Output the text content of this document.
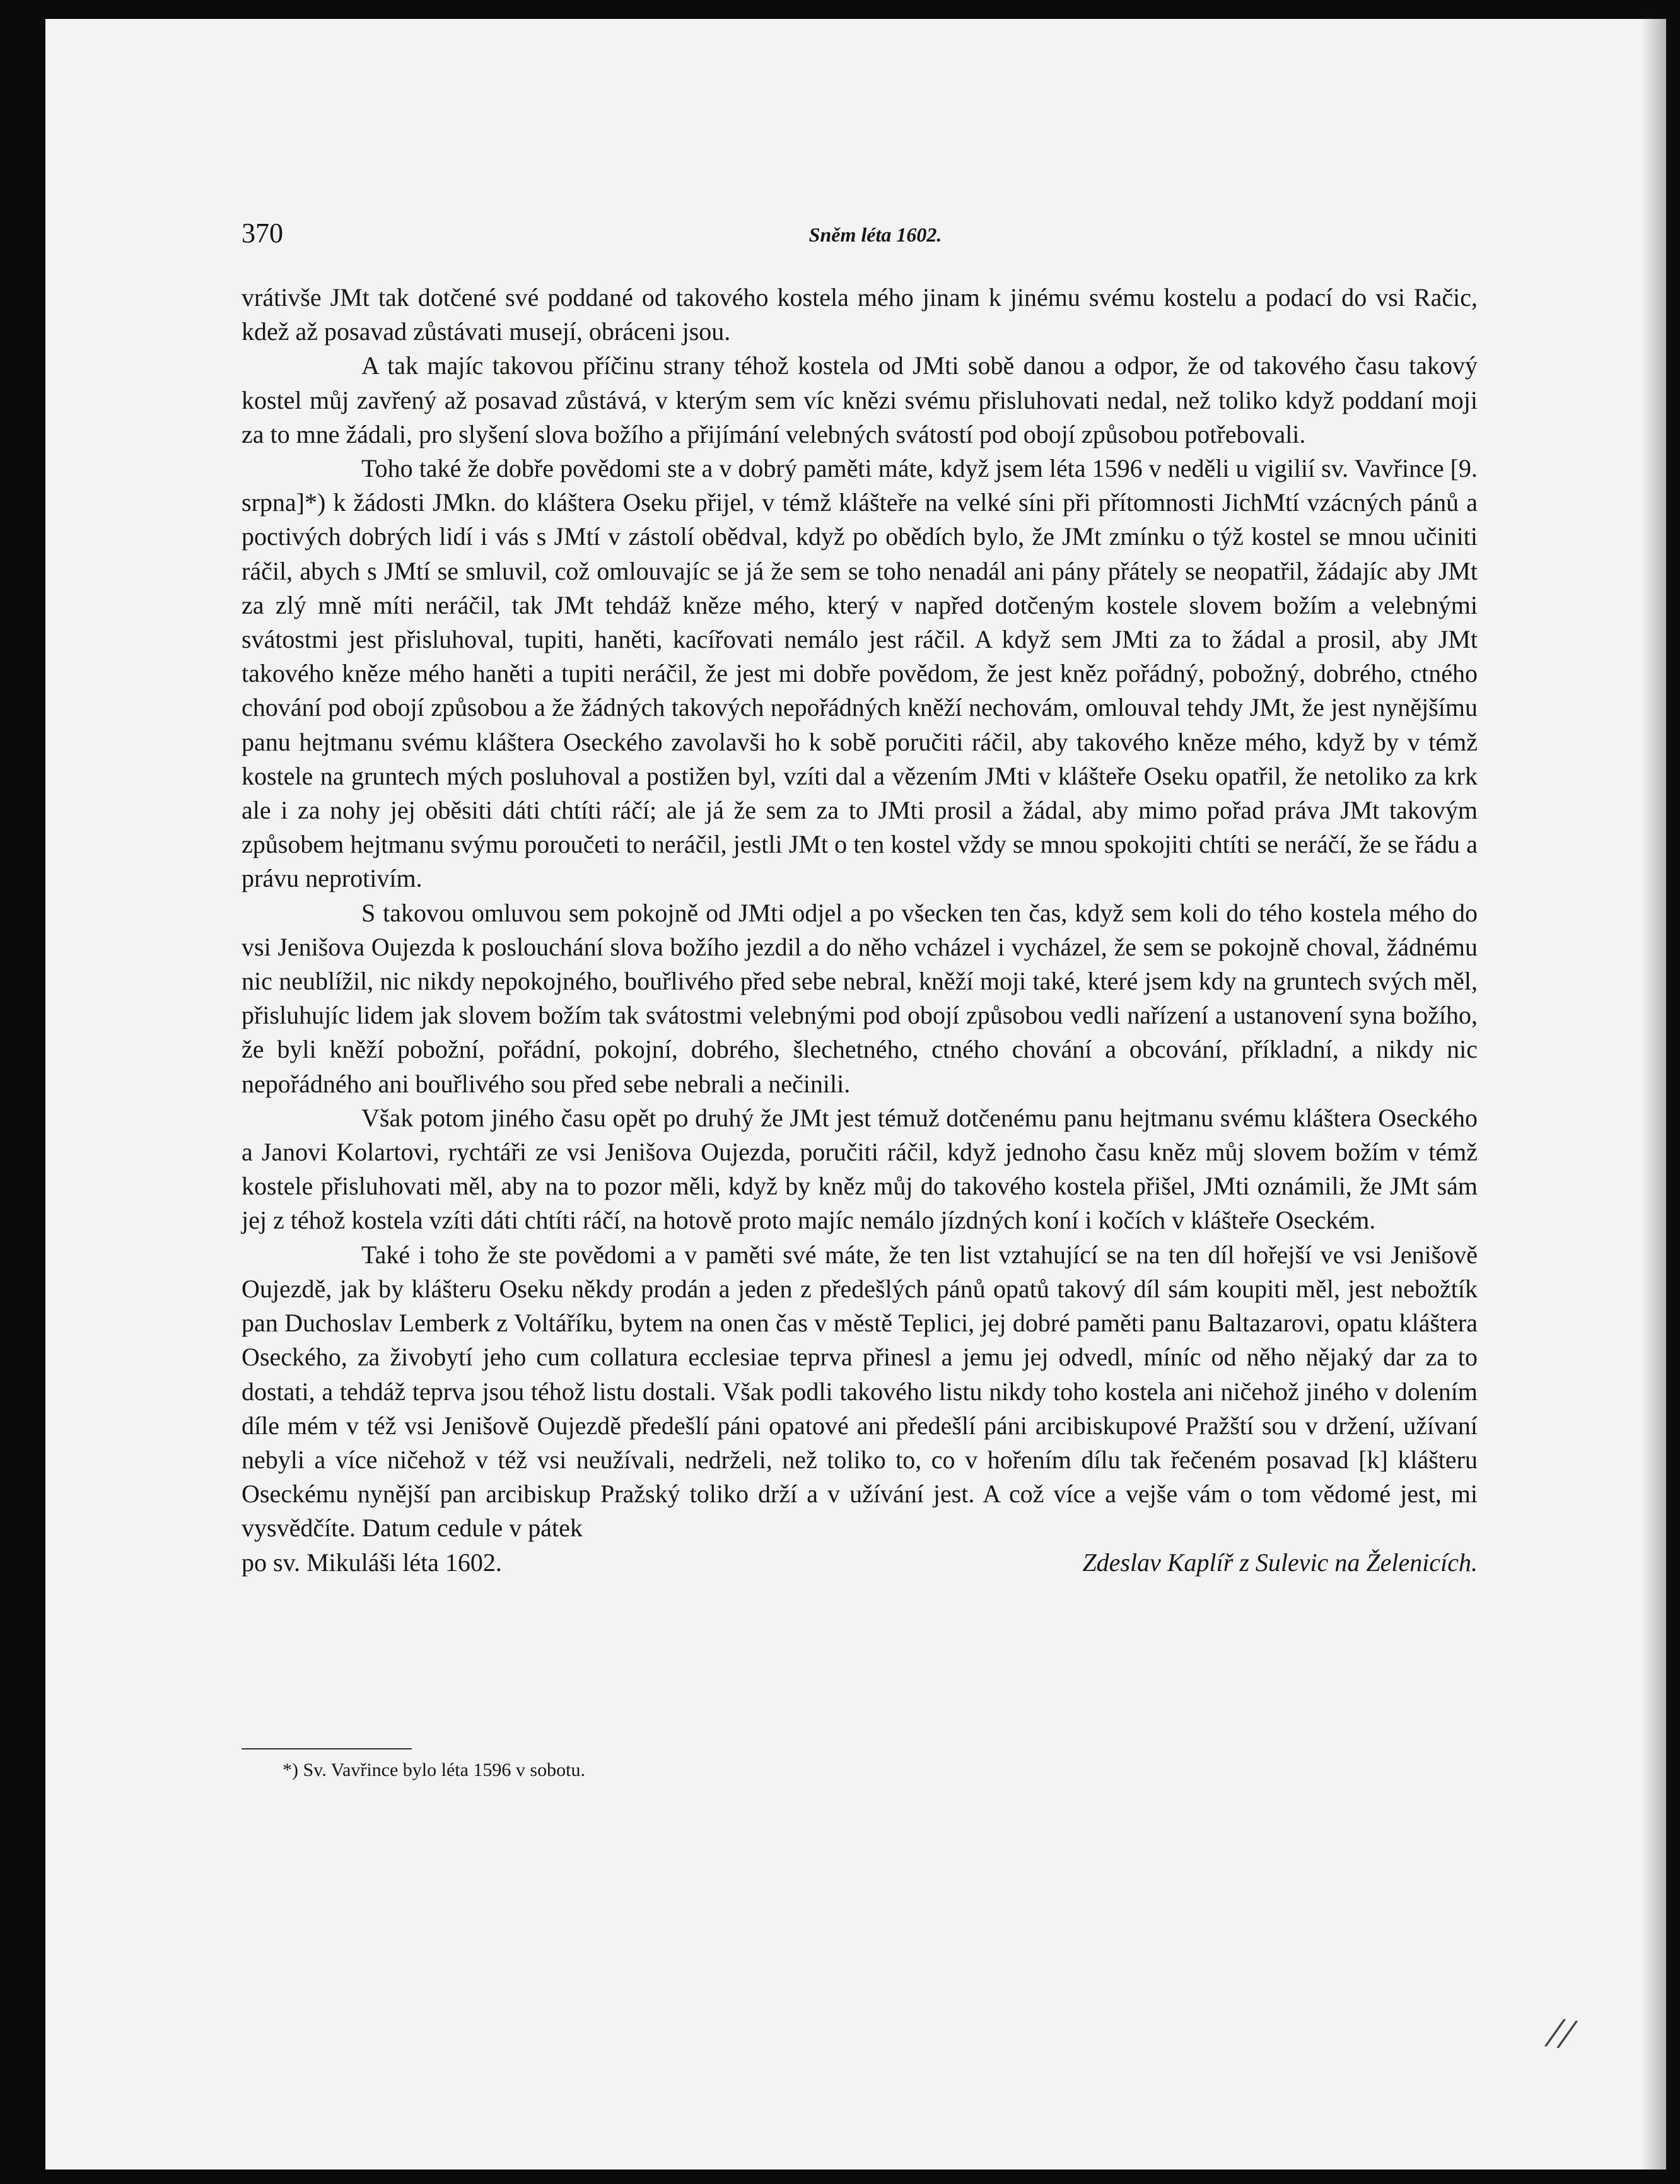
370	Sněm léta 1602.

vrátivše JMt tak dotčené své poddané od takového kostela mého jinam k jinému svému kostelu a podací do vsi Račic, kdež až posavad zůstávati musejí, obráceni jsou.

A tak majíc takovou příčinu strany téhož kostela od JMti sobě danou a odpor, že od takového času takový kostel můj zavřený až posavad zůstává, v kterým sem víc knězi svému přisluhovati nedal, než toliko když poddaní moji za to mne žádali, pro slyšení slova božího a přijímání velebných svátostí pod obojí způsobou potřebovali.

Toho také že dobře povědomi ste a v dobrý paměti máte, když jsem léta 1596 v neděli u vigilií sv. Vavřince [9. srpna]*) k žádosti JMkn. do kláštera Oseku přijel, v témž klášteře na velké síni při přítomnosti JichMtí vzácných pánů a poctivých dobrých lidí i vás s JMtí v zástolí obědval, když po obědích bylo, že JMt zmínku o týž kostel se mnou učiniti ráčil, abych s JMtí se smluvil, což omlouvajíc se já že sem se toho nenadál ani pány přátely se neopatřil, žádajíc aby JMt za zlý mně míti neráčil, tak JMt tehdáž kněze mého, který v napřed dotčeným kostele slovem božím a velebnými svátostmi jest přisluhoval, tupiti, haněti, kacířovati nemálo jest ráčil. A když sem JMti za to žádal a prosil, aby JMt takového kněze mého haněti a tupiti neráčil, že jest mi dobře povědom, že jest kněz pořádný, pobožný, dobrého, ctného chování pod obojí způsobou a že žádných takových nepořádných kněží nechovám, omlouval tehdy JMt, že jest nynějšímu panu hejtmanu svému kláštera Oseckého zavolavši ho k sobě poručiti ráčil, aby takového kněze mého, když by v témž kostele na gruntech mých posluhoval a postižen byl, vzíti dal a vězením JMti v klášteře Oseku opatřil, že netoliko za krk ale i za nohy jej oběsiti dáti chtíti ráčí; ale já že sem za to JMti prosil a žádal, aby mimo pořad práva JMt takovým způsobem hejtmanu svýmu poroučeti to neráčil, jestli JMt o ten kostel vždy se mnou spokojiti chtíti se neráčí, že se řádu a právu neprotivím.

S takovou omluvou sem pokojně od JMti odjel a po všecken ten čas, když sem koli do tého kostela mého do vsi Jenišova Oujezda k poslouchání slova božího jezdil a do něho vcházel i vycházel, že sem se pokojně choval, žádnému nic neublížil, nic nikdy nepokojného, bouřlivého před sebe nebral, kněží moji také, které jsem kdy na gruntech svých měl, přisluhujíc lidem jak slovem božím tak svátostmi velebnými pod obojí způsobou vedli nařízení a ustanovení syna božího, že byli kněží pobožní, pořádní, pokojní, dobrého, šlechetného, ctného chování a obcování, příkladní, a nikdy nic nepořádného ani bouřlivého sou před sebe nebrali a nečinili.

Však potom jiného času opět po druhý že JMt jest témuž dotčenému panu hejtmanu svému kláštera Oseckého a Janovi Kolartovi, rychtáři ze vsi Jenišova Oujezda, poručiti ráčil, když jednoho času kněz můj slovem božím v témž kostele přisluhovati měl, aby na to pozor měli, když by kněz můj do takového kostela přišel, JMti oznámili, že JMt sám jej z téhož kostela vzíti dáti chtíti ráčí, na hotově proto majíc nemálo jízdných koní i kočích v klášteře Oseckém.

Také i toho že ste povědomi a v paměti své máte, že ten list vztahující se na ten díl hořejší ve vsi Jenišově Oujezdě, jak by klášteru Oseku někdy prodán a jeden z předešlých pánů opatů takový díl sám koupiti měl, jest nebožtík pan Duchoslav Lemberk z Voltáříku, bytem na onen čas v městě Teplici, jej dobré paměti panu Baltazarovi, opatu kláštera Oseckého, za živobytí jeho cum collatura ecclesiae teprva přinesl a jemu jej odvedl, míníc od něho nějaký dar za to dostati, a tehdáž teprva jsou téhož listu dostali. Však podli takového listu nikdy toho kostela ani ničehož jiného v dolením díle mém v též vsi Jenišově Oujezdě předešlí páni opatové ani předešlí páni arcibiskupové Pražští sou v držení, užívaní nebyli a více ničehož v též vsi neužívali, nedrželi, než toliko to, co v hořením dílu tak řečeném posavad [k] klášteru Oseckému nynější pan arcibiskup Pražský toliko drží a v užívání jest. A což více a vejše vám o tom vědomé jest, mi vysvědčíte. Datum cedule v pátek

po sv. Mikuláši léta 1602.	Zdeslav Kaplíř z Sulevic na Želenicích.
*) Sv. Vavřince bylo léta 1596 v sobotu.
//
